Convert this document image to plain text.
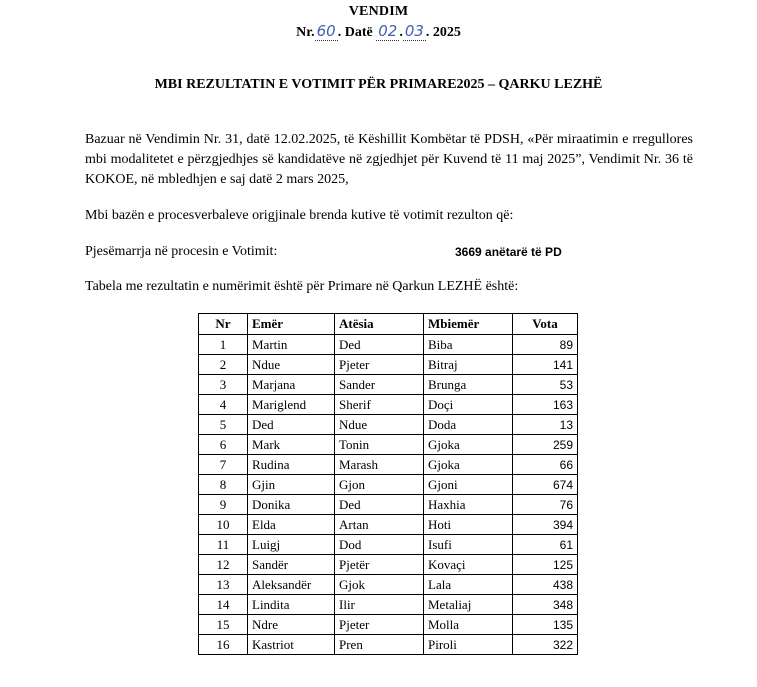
VENDIM
Nr. 60 . Datë 02 . 03 . 2025
MBI REZULTATIN E VOTIMIT PËR PRIMARE2025 – QARKU LEZHË
Bazuar në Vendimin Nr. 31, datë 12.02.2025, të Këshillit Kombëtar të PDSH, «Për miraatimin e rregullores mbi modalitetet e përzgjedhjes së kandidatëve në zgjedhjet për Kuvend të 11 maj 2025”, Vendimit Nr. 36 të KOKOE, në mbledhjen e saj datë 2 mars 2025,
Mbi bazën e procesverbaleve origjinale brenda kutive të votimit rezulton që:
Pjesëmarrja në procesin e Votimit:	3669 anëtarë të PD
Tabela me rezultatin e numërimit është për Primare në Qarkun LEZHË është:
Nr	Emër	Atësia	Mbiemër	Vota
1	Martin	Ded	Biba	89
2	Ndue	Pjeter	Bitraj	141
3	Marjana	Sander	Brunga	53
4	Mariglend	Sherif	Doçi	163
5	Ded	Ndue	Doda	13
6	Mark	Tonin	Gjoka	259
7	Rudina	Marash	Gjoka	66
8	Gjin	Gjon	Gjoni	674
9	Donika	Ded	Haxhia	76
10	Elda	Artan	Hoti	394
11	Luigj	Dod	Isufi	61
12	Sandër	Pjetër	Kovaçi	125
13	Aleksandër	Gjok	Lala	438
14	Lindita	Ilir	Metaliaj	348
15	Ndre	Pjeter	Molla	135
16	Kastriot	Pren	Piroli	322
